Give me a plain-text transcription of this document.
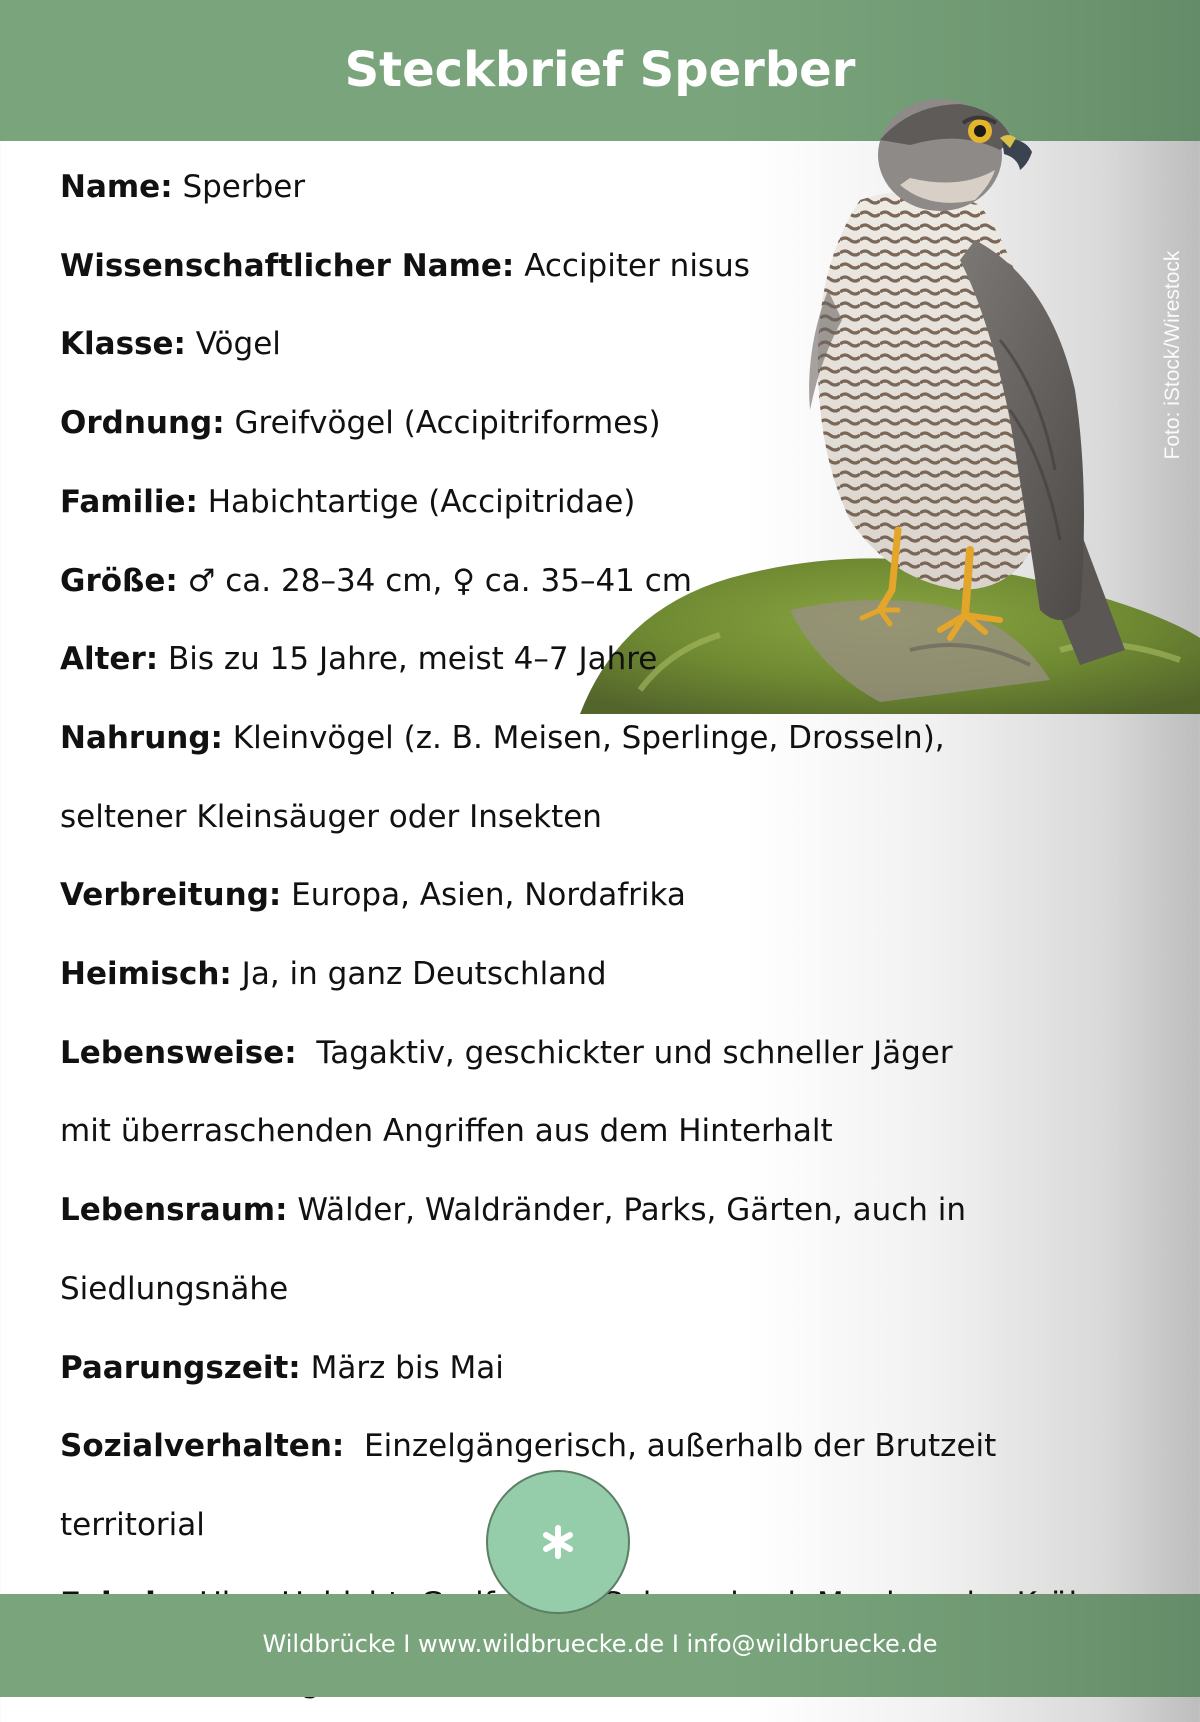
Steckbrief Sperber
Foto: iStock/Wirestock
Name: Sperber
Wissenschaftlicher Name: Accipiter nisus
Klasse: Vögel
Ordnung: Greifvögel (Accipitriformes)
Familie: Habichtartige (Accipitridae)
Größe: ♂ ca. 28–34 cm, ♀ ca. 35–41 cm
Alter: Bis zu 15 Jahre, meist 4–7 Jahre
Nahrung: Kleinvögel (z. B. Meisen, Sperlinge, Drosseln), seltener Kleinsäuger oder Insekten
Verbreitung: Europa, Asien, Nordafrika
Heimisch: Ja, in ganz Deutschland
Lebensweise:  Tagaktiv, geschickter und schneller Jäger mit überraschenden Angriffen aus dem Hinterhalt
Lebensraum: Wälder, Waldränder, Parks, Gärten, auch in Siedlungsnähe
Paarungszeit: März bis Mai
Sozialverhalten:  Einzelgängerisch, außerhalb der Brutzeit territorial
Wildbrücke I www.wildbruecke.de I info@wildbruecke.de
